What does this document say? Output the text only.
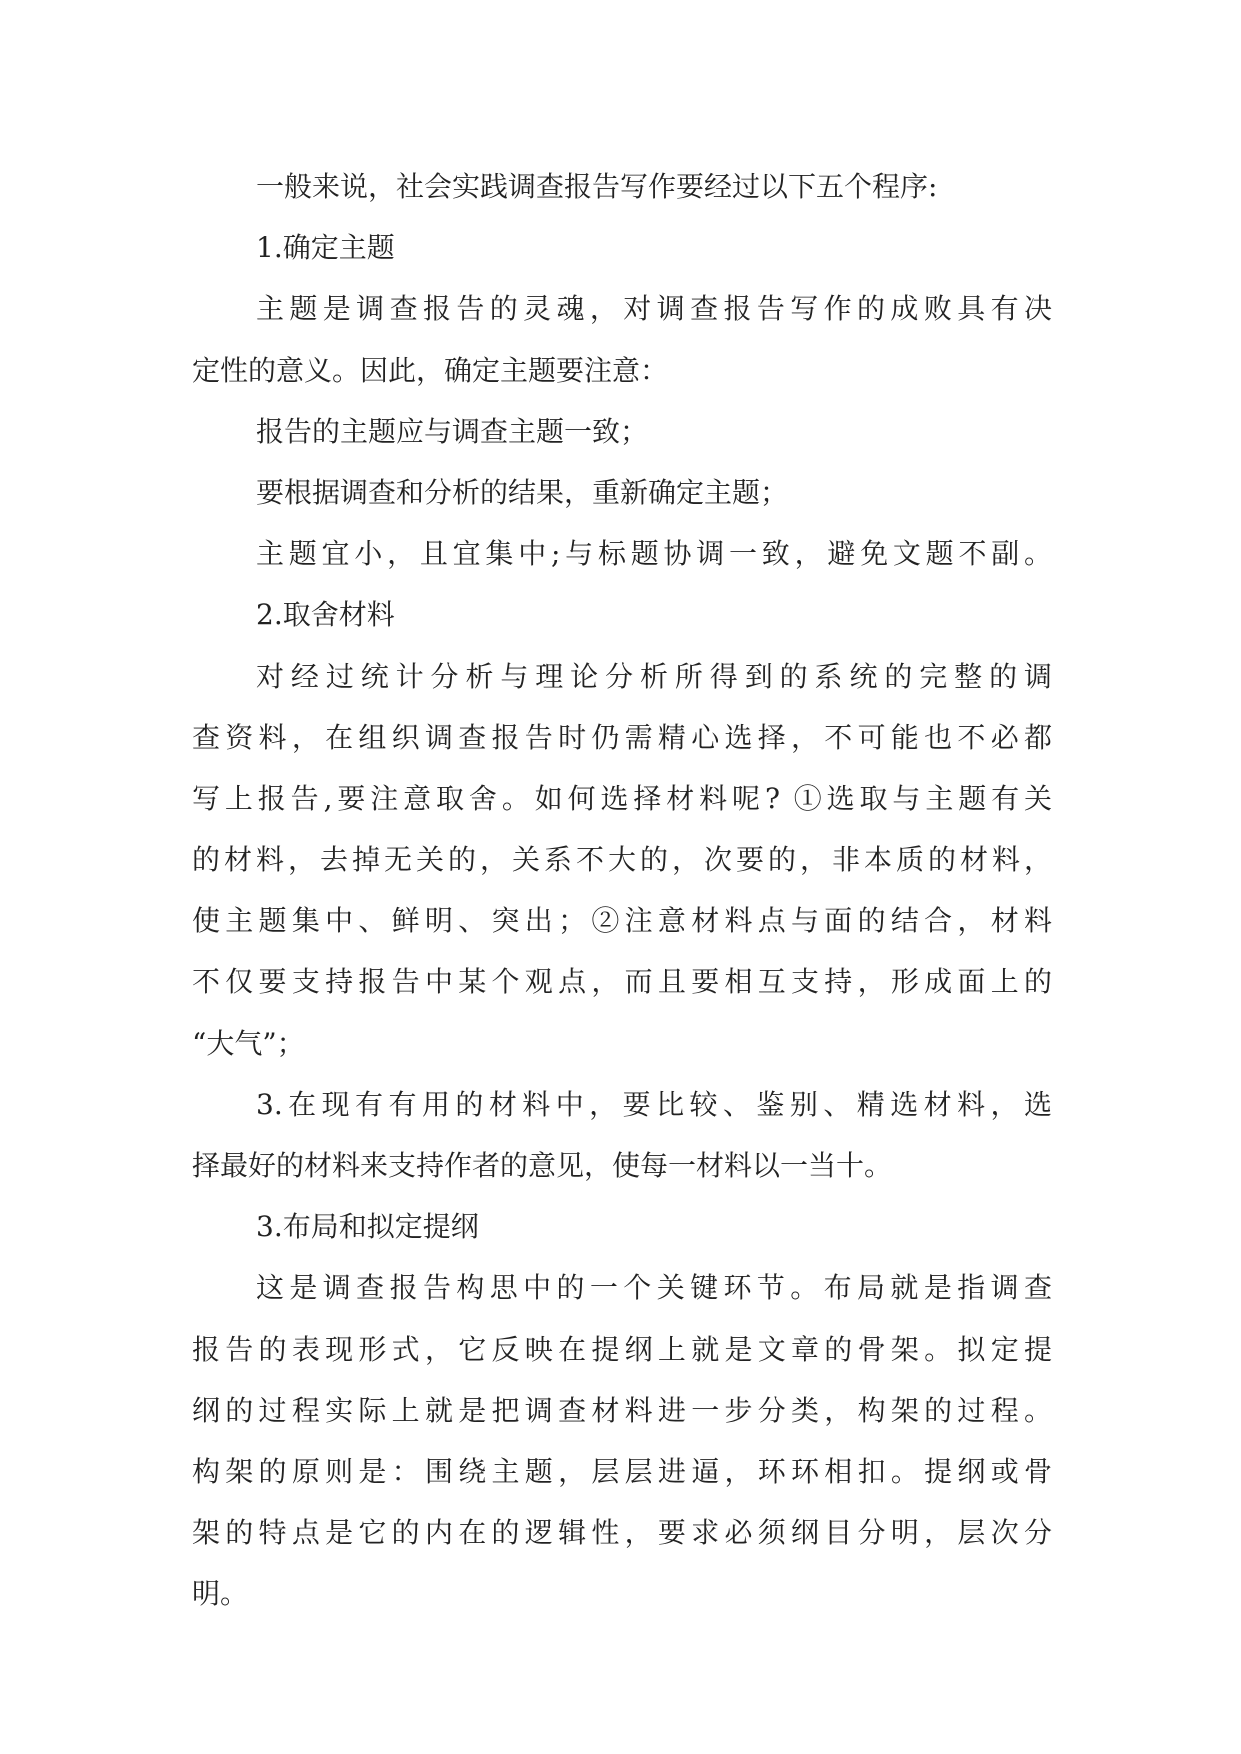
一般来说，社会实践调查报告写作要经过以下五个程序:
1.确定主题
主题是调查报告的灵魂，对调查报告写作的成败具有决
定性的意义。因此，确定主题要注意：
报告的主题应与调查主题一致；
要根据调查和分析的结果，重新确定主题；
主题宜小，且宜集中;与标题协调一致，避免文题不副。
2.取舍材料
对经过统计分析与理论分析所得到的系统的完整的调
查资料，在组织调查报告时仍需精心选择，不可能也不必都
写上报告,要注意取舍。如何选择材料呢? ①选取与主题有关
的材料，去掉无关的，关系不大的，次要的，非本质的材料，
使主题集中、鲜明、突出；②注意材料点与面的结合，材料
不仅要支持报告中某个观点，而且要相互支持，形成面上的
“大气”；
3.在现有有用的材料中，要比较、鉴别、精选材料，选
择最好的材料来支持作者的意见，使每一材料以一当十。
3.布局和拟定提纲
这是调查报告构思中的一个关键环节。布局就是指调查
报告的表现形式，它反映在提纲上就是文章的骨架。拟定提
纲的过程实际上就是把调查材料进一步分类，构架的过程。
构架的原则是：围绕主题，层层进逼，环环相扣。提纲或骨
架的特点是它的内在的逻辑性，要求必须纲目分明，层次分
明。
